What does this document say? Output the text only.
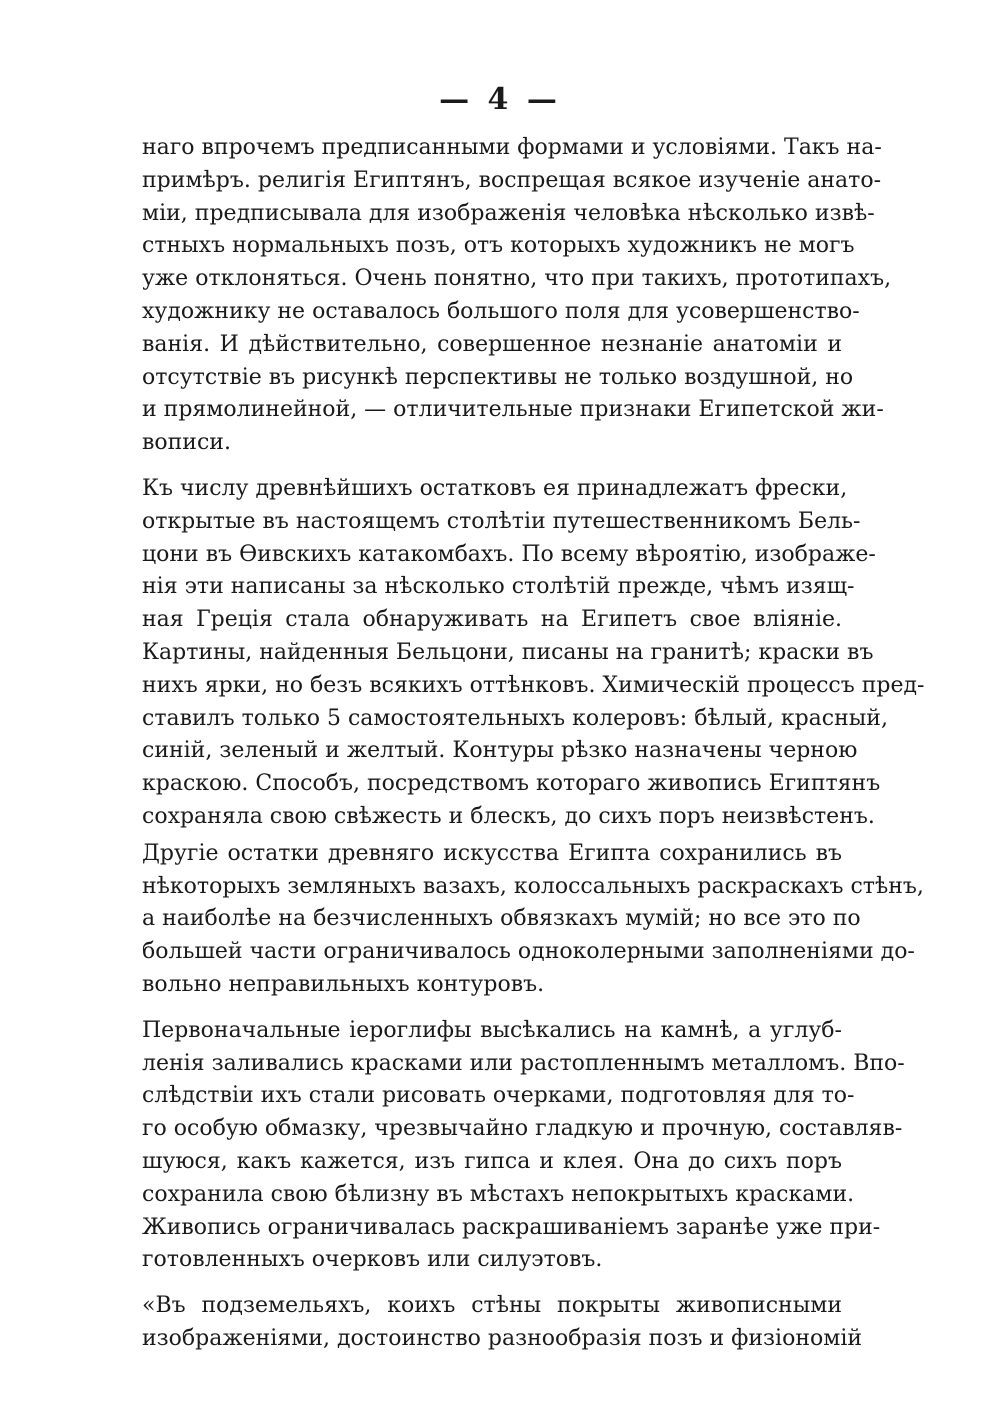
— 4 —
наго впрочемъ предписанными формами и условіями. Такъ на-
примѣръ. религія Египтянъ, воспрещая всякое изученіе анато-
міи, предписывала для изображенія человѣка нѣсколько извѣ-
стныхъ нормальныхъ позъ, отъ которыхъ художникъ не могъ
уже отклоняться. Очень понятно, что при такихъ, прототипахъ,
художнику не оставалось большого поля для усовершенство-
ванія. И дѣйствительно, совершенное незнаніе анатоміи и
отсутствіе въ рисункѣ перспективы не только воздушной, но
и прямолинейной, — отличительные признаки Египетской жи-
вописи.
Къ числу древнѣйшихъ остатковъ ея принадлежатъ фрески,
открытые въ настоящемъ столѣтіи путешественникомъ Бель-
цони въ Ѳивскихъ катакомбахъ. По всему вѣроятію, изображе-
нія эти написаны за нѣсколько столѣтій прежде, чѣмъ изящ-
ная Греція стала обнаруживать на Египетъ свое вліяніе.
Картины, найденныя Бельцони, писаны на гранитѣ; краски въ
нихъ ярки, но безъ всякихъ оттѣнковъ. Химическій процессъ пред-
ставилъ только 5 самостоятельныхъ колеровъ: бѣлый, красный,
синій, зеленый и желтый. Контуры рѣзко назначены черною
краскою. Способъ, посредствомъ котораго живопись Египтянъ
сохраняла свою свѣжесть и блескъ, до сихъ поръ неизвѣстенъ.
Другіе остатки древняго искусства Египта сохранились въ
нѣкоторыхъ земляныхъ вазахъ, колоссальныхъ раскраскахъ стѣнъ,
а наиболѣе на безчисленныхъ обвязкахъ мумій; но все это по
большей части ограничивалось одноколерными заполненіями до-
вольно неправильныхъ контуровъ.
Первоначальные іероглифы высѣкались на камнѣ, а углуб-
ленія заливались красками или растопленнымъ металломъ. Впо-
слѣдствіи ихъ стали рисовать очерками, подготовляя для то-
го особую обмазку, чрезвычайно гладкую и прочную, составляв-
шуюся, какъ кажется, изъ гипса и клея. Она до сихъ поръ
сохранила свою бѣлизну въ мѣстахъ непокрытыхъ красками.
Живопись ограничивалась раскрашиваніемъ заранѣе уже при-
готовленныхъ очерковъ или силуэтовъ.
«Въ подземельяхъ, коихъ стѣны покрыты живописными
изображеніями, достоинство разнообразія позъ и физіономій
